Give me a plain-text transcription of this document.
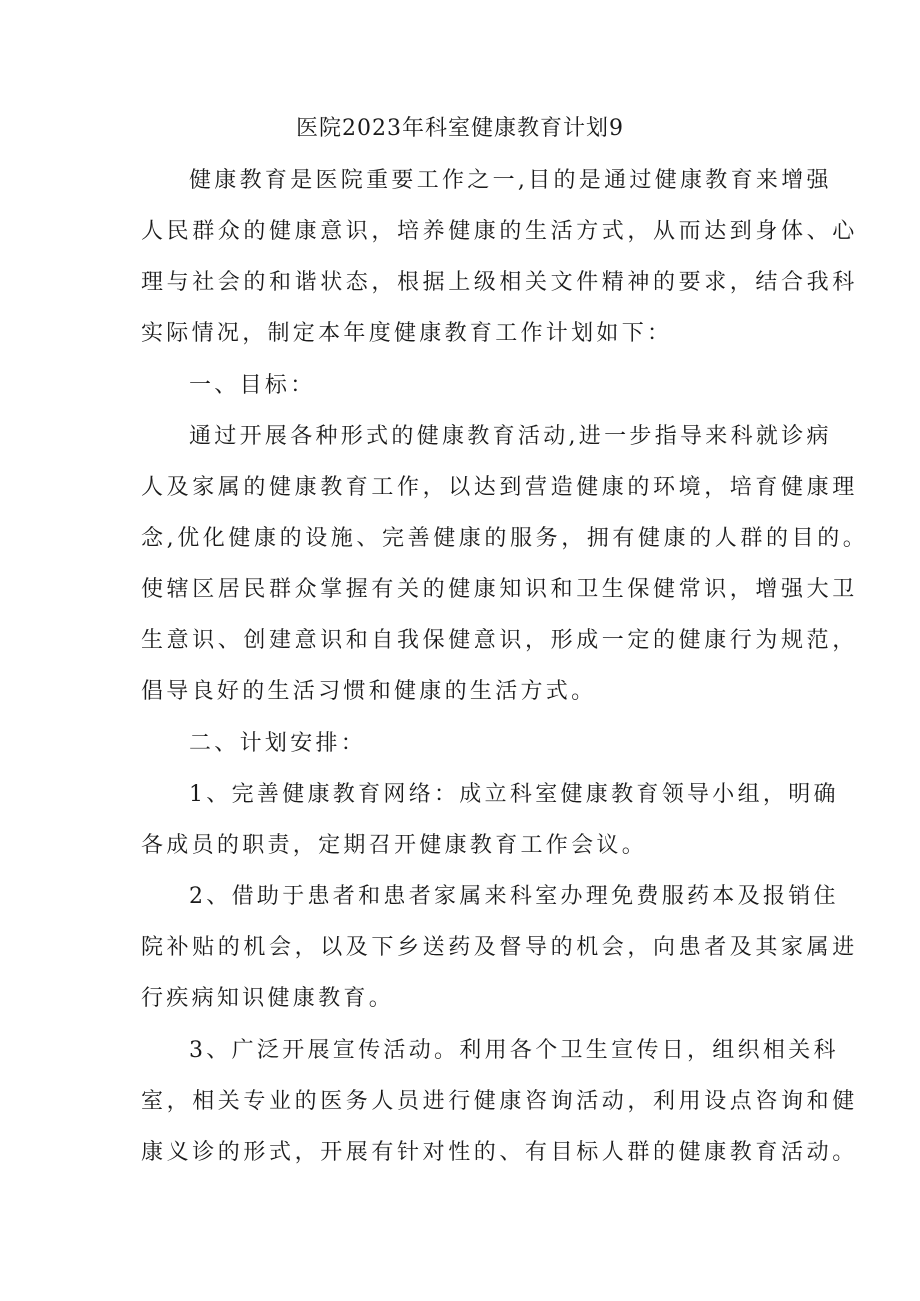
医院2023年科室健康教育计划9
健康教育是医院重要工作之一,目的是通过健康教育来增强
人民群众的健康意识，培养健康的生活方式，从而达到身体、心
理与社会的和谐状态，根据上级相关文件精神的要求，结合我科
实际情况，制定本年度健康教育工作计划如下：
一、目标：
通过开展各种形式的健康教育活动,进一步指导来科就诊病
人及家属的健康教育工作，以达到营造健康的环境，培育健康理
念,优化健康的设施、完善健康的服务，拥有健康的人群的目的。
使辖区居民群众掌握有关的健康知识和卫生保健常识，增强大卫
生意识、创建意识和自我保健意识，形成一定的健康行为规范，
倡导良好的生活习惯和健康的生活方式。
二、计划安排：
1、完善健康教育网络：成立科室健康教育领导小组，明确
各成员的职责，定期召开健康教育工作会议。
2、借助于患者和患者家属来科室办理免费服药本及报销住
院补贴的机会，以及下乡送药及督导的机会，向患者及其家属进
行疾病知识健康教育。
3、广泛开展宣传活动。利用各个卫生宣传日，组织相关科
室，相关专业的医务人员进行健康咨询活动，利用设点咨询和健
康义诊的形式，开展有针对性的、有目标人群的健康教育活动。
